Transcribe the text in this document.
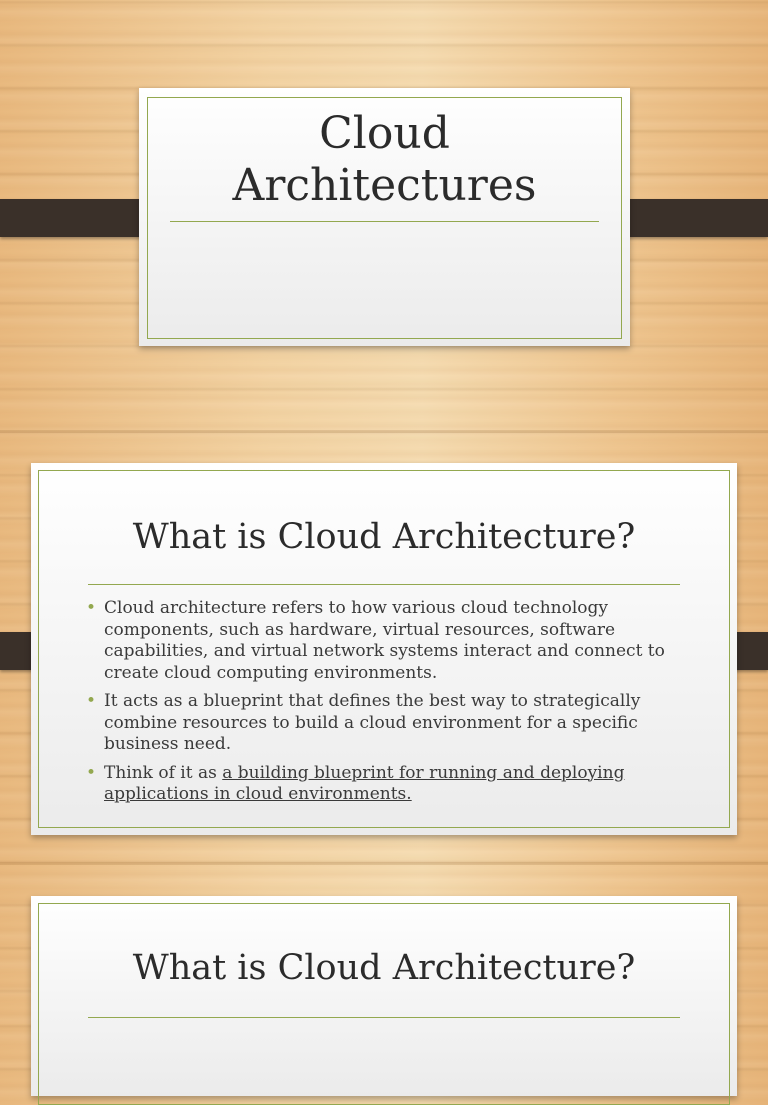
Cloud
Architectures
What is Cloud Architecture?
• Cloud architecture refers to how various cloud technology components, such as hardware, virtual resources, software capabilities, and virtual network systems interact and connect to create cloud computing environments.
• It acts as a blueprint that defines the best way to strategically combine resources to build a cloud environment for a specific business need.
• Think of it as a building blueprint for running and deploying applications in cloud environments.
What is Cloud Architecture?
